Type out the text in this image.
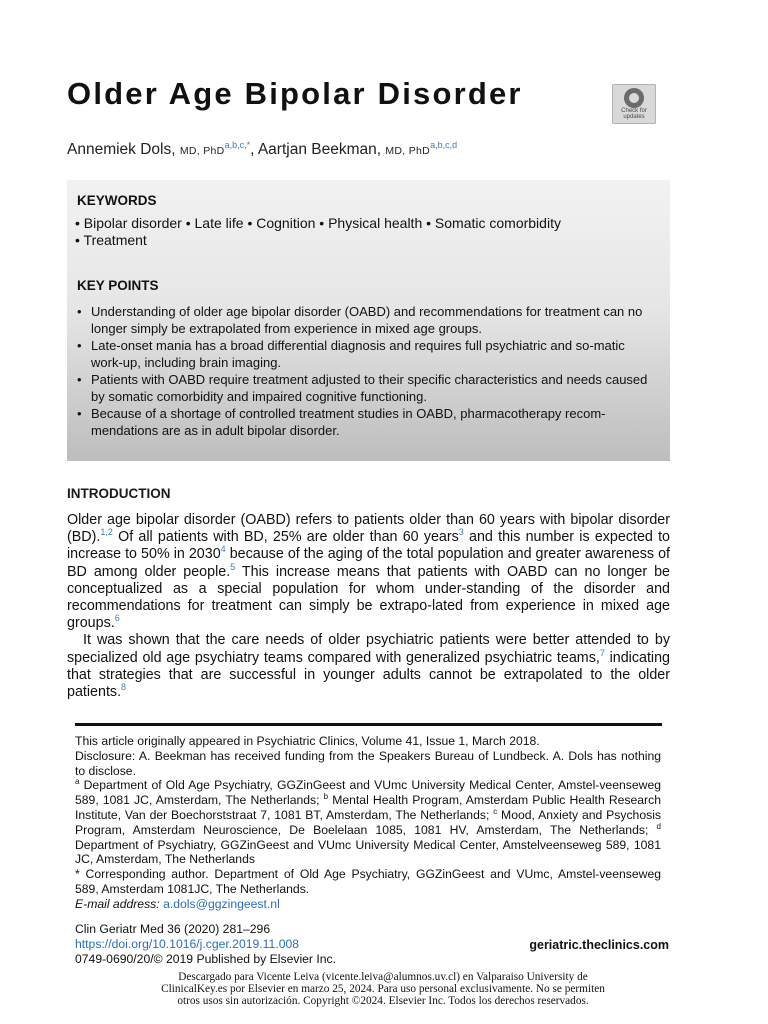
Older Age Bipolar Disorder	Check for updates
Annemiek Dols, MD, PhD$^{a,b,c,*}$, Aartjan Beekman, MD, PhD$^{a,b,c,d}$
KEYWORDS
• Bipolar disorder • Late life • Cognition • Physical health • Somatic comorbidity
• Treatment
KEY POINTS
• Understanding of older age bipolar disorder (OABD) and recommendations for treatment can no longer simply be extrapolated from experience in mixed age groups.
• Late-onset mania has a broad differential diagnosis and requires full psychiatric and so-matic work-up, including brain imaging.
• Patients with OABD require treatment adjusted to their specific characteristics and needs caused by somatic comorbidity and impaired cognitive functioning.
• Because of a shortage of controlled treatment studies in OABD, pharmacotherapy recom-mendations are as in adult bipolar disorder.
INTRODUCTION

Older age bipolar disorder (OABD) refers to patients older than 60 years with bipolar disorder (BD).$^{1,2}$ Of all patients with BD, 25% are older than 60 years$^3$ and this number is expected to increase to 50% in 2030$^4$ because of the aging of the total population and greater awareness of BD among older people.$^5$ This increase means that patients with OABD can no longer be conceptualized as a special population for whom under-standing of the disorder and recommendations for treatment can simply be extrapo-lated from experience in mixed age groups.$^6$

It was shown that the care needs of older psychiatric patients were better attended to by specialized old age psychiatry teams compared with generalized psychiatric teams,$^7$ indicating that strategies that are successful in younger adults cannot be extrapolated to the older patients.$^8$

This article originally appeared in Psychiatric Clinics, Volume 41, Issue 1, March 2018.

Disclosure: A. Beekman has received funding from the Speakers Bureau of Lundbeck. A. Dols has nothing to disclose.

$^a$ Department of Old Age Psychiatry, GGZinGeest and VUmc University Medical Center, Amstel-veenseweg 589, 1081 JC, Amsterdam, The Netherlands; $^b$ Mental Health Program, Amsterdam Public Health Research Institute, Van der Boechorststraat 7, 1081 BT, Amsterdam, The Netherlands; $^c$ Mood, Anxiety and Psychosis Program, Amsterdam Neuroscience, De Boelelaan 1085, 1081 HV, Amsterdam, The Netherlands; $^d$ Department of Psychiatry, GGZinGeest and VUmc University Medical Center, Amstelveenseweg 589, 1081 JC, Amsterdam, The Netherlands

* Corresponding author. Department of Old Age Psychiatry, GGZinGeest and VUmc, Amstel-veenseweg 589, Amsterdam 1081JC, The Netherlands.

E-mail address: a.dols@ggzingeest.nl

Clin Geriatr Med 36 (2020) 281–296
https://doi.org/10.1016/j.cger.2019.11.008
0749-0690/20/© 2019 Published by Elsevier Inc.
geriatric.theclinics.com
Descargado para Vicente Leiva (vicente.leiva@alumnos.uv.cl) en Valparaiso University de ClinicalKey.es por Elsevier en marzo 25, 2024. Para uso personal exclusivamente. No se permiten otros usos sin autorización. Copyright ©2024. Elsevier Inc. Todos los derechos reservados.
